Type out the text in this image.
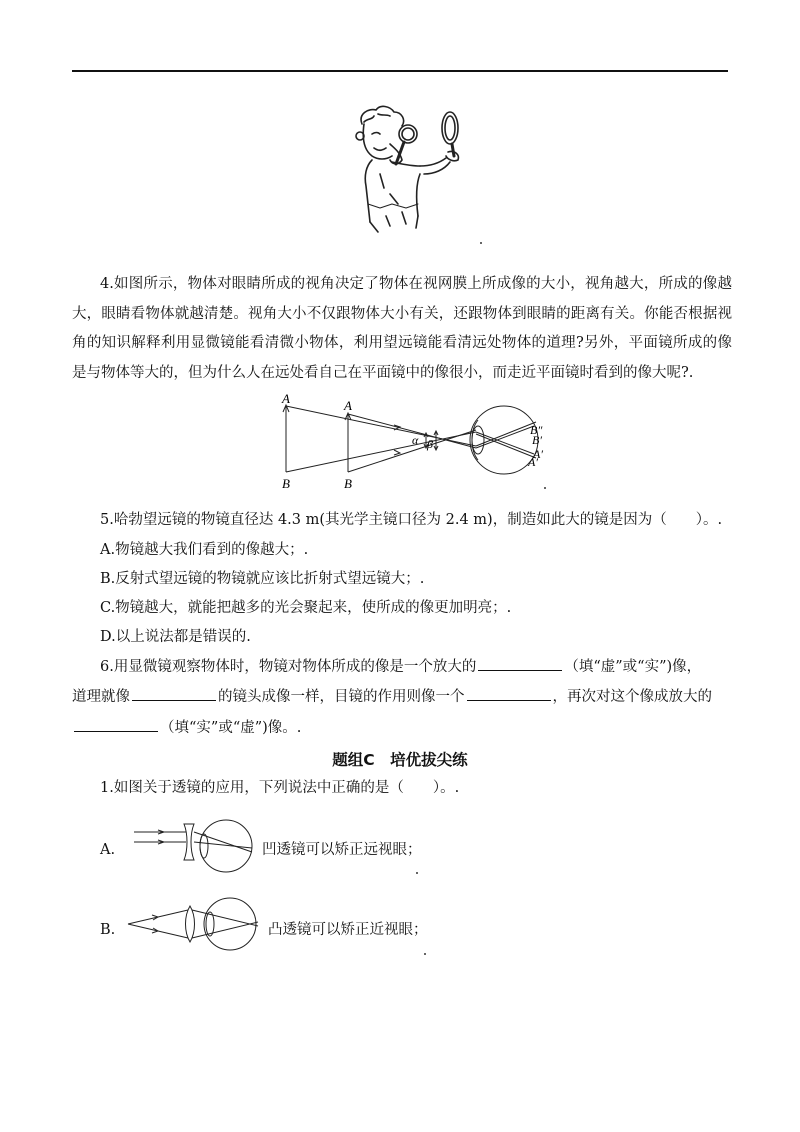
4.如图所示，物体对眼睛所成的视角决定了物体在视网膜上所成像的大小，视角越大，所成的像越大，眼睛看物体就越清楚。视角大小不仅跟物体大小有关，还跟物体到眼睛的距离有关。你能否根据视角的知识解释利用显微镜能看清微小物体，利用望远镜能看清远处物体的道理?另外，平面镜所成的像是与物体等大的，但为什么人在远处看自己在平面镜中的像很小，而走近平面镜时看到的像大呢?.
A
B
A
B
α β
B″
B′
A′
A′
5.哈勃望远镜的物镜直径达 4.3 m(其光学主镜口径为 2.4 m)，制造如此大的镜是因为（　　）。.
A.物镜越大我们看到的像越大；.
B.反射式望远镜的物镜就应该比折射式望远镜大；.
C.物镜越大，就能把越多的光会聚起来，使所成的像更加明亮；.
D.以上说法都是错误的.
6.用显微镜观察物体时，物镜对物体所成的像是一个放大的	（填“虚”或“实”)像，
道理就像	的镜头成像一样，目镜的作用则像一个	，再次对这个像成放大的
（填“实”或“虚”)像。.
题组C　培优拔尖练
1.如图关于透镜的应用，下列说法中正确的是（　　）。.
A.	凹透镜可以矫正远视眼；
B.	凸透镜可以矫正近视眼；
